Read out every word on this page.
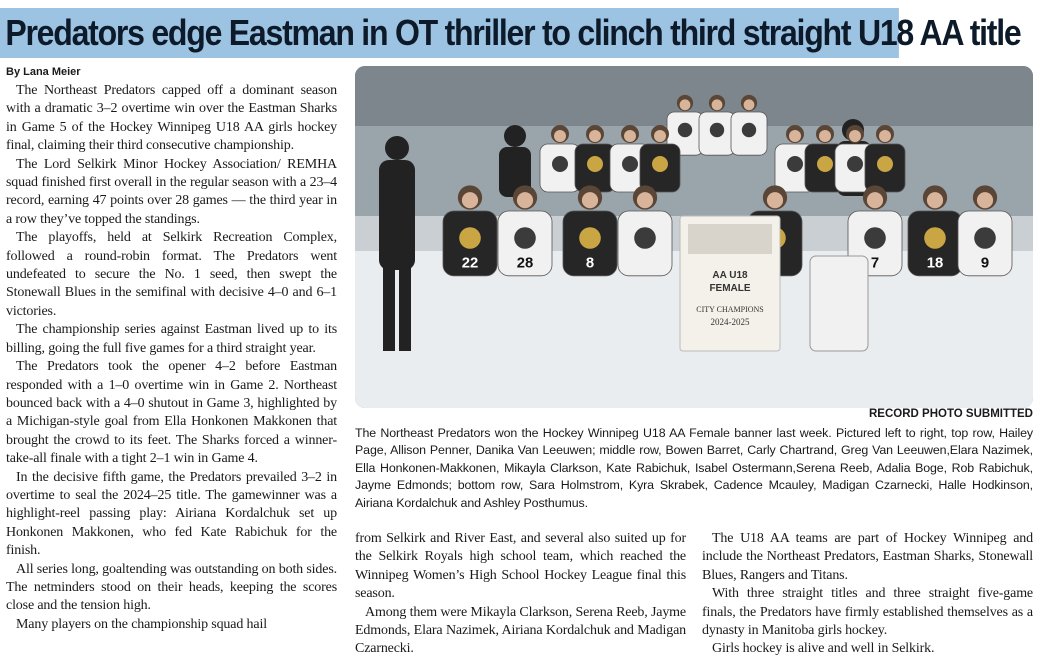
Predators edge Eastman in OT thriller to clinch third straight U18 AA title
By Lana Meier

The Northeast Predators capped off a dominant season with a dramatic 3–2 overtime win over the Eastman Sharks in Game 5 of the Hockey Winnipeg U18 AA girls hockey final, claiming their third consecutive championship.

The Lord Selkirk Minor Hockey Association/ REMHA squad finished first overall in the regular season with a 23–4 record, earning 47 points over 28 games — the third year in a row they’ve topped the standings.

The playoffs, held at Selkirk Recreation Complex, followed a round-robin format. The Predators went undefeated to secure the No. 1 seed, then swept the Stonewall Blues in the semifinal with decisive 4–0 and 6–1 victories.

The championship series against Eastman lived up to its billing, going the full five games for a third straight year.

The Predators took the opener 4–2 before Eastman responded with a 1–0 overtime win in Game 2. Northeast bounced back with a 4–0 shutout in Game 3, highlighted by a Michigan-style goal from Ella Honkonen Makkonen that brought the crowd to its feet. The Sharks forced a winner-take-all finale with a tight 2–1 win in Game 4.

In the decisive fifth game, the Predators prevailed 3–2 in overtime to seal the 2024–25 title. The gamewinner was a highlight-reel passing play: Airiana Kordalchuk set up Honkonen Makkonen, who fed Kate Rabichuk for the finish.

All series long, goaltending was outstanding on both sides. The netminders stood on their heads, keeping the scores close and the tension high.

Many players on the championship squad hail

22	28	8	7	18	9
AA U18
FEMALE
CITY CHAMPIONS
2024-2025
RECORD PHOTO SUBMITTED
The Northeast Predators won the Hockey Winnipeg U18 AA Female banner last week. Pictured left to right, top row, Hailey Page, Allison Penner, Danika Van Leeuwen; middle row, Bowen Barret, Carly Chartrand, Greg Van Leeuwen,Elara Nazimek, Ella Honkonen-Makkonen, Mikayla Clarkson, Kate Rabichuk, Isabel Ostermann,Serena Reeb, Adalia Boge, Rob Rabichuk, Jayme Edmonds; bottom row, Sara Holmstrom, Kyra Skrabek, Cadence Mcauley, Madigan Czarnecki, Halle Hodkinson, Airiana Kordalchuk and Ashley Posthumus.

from Selkirk and River East, and several also suited up for the Selkirk Royals high school team, which reached the Winnipeg Women’s High School Hockey League final this season.

Among them were Mikayla Clarkson, Serena Reeb, Jayme Edmonds, Elara Nazimek, Airiana Kordalchuk and Madigan Czarnecki.

The U18 AA teams are part of Hockey Winnipeg and include the Northeast Predators, Eastman Sharks, Stonewall Blues, Rangers and Titans.

With three straight titles and three straight five-game finals, the Predators have firmly established themselves as a dynasty in Manitoba girls hockey.

Girls hockey is alive and well in Selkirk.
